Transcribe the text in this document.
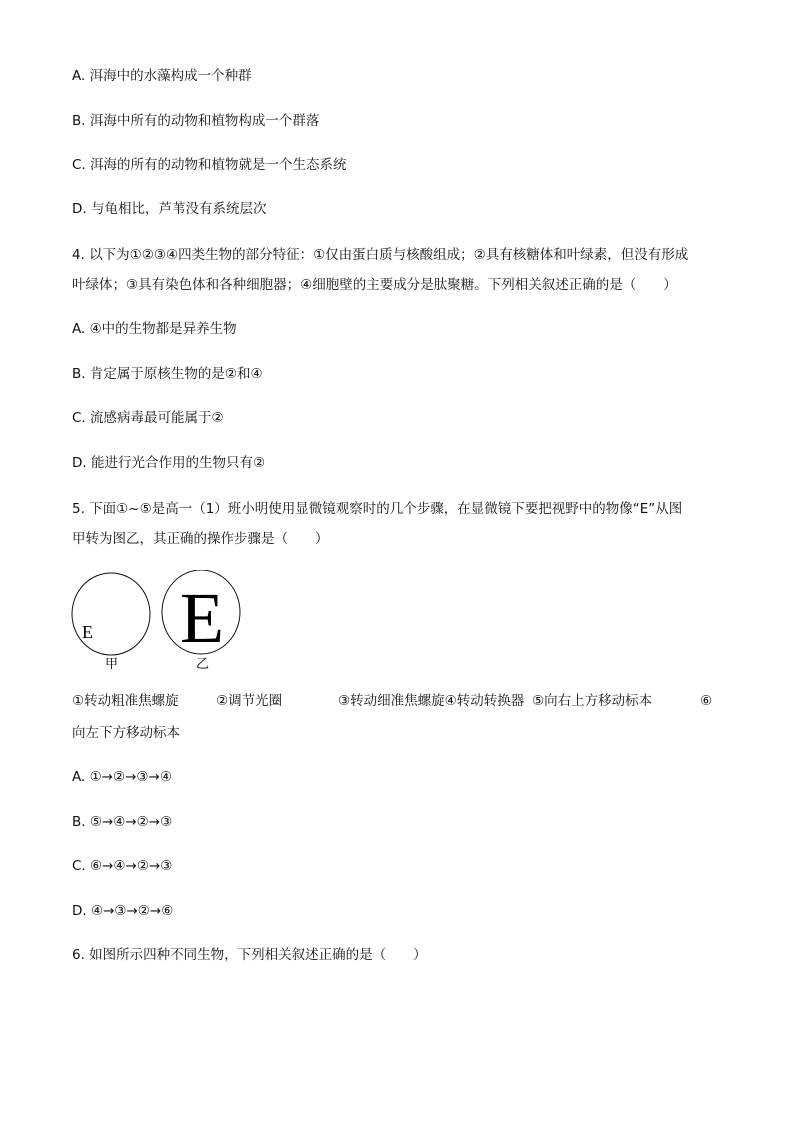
A. 洱海中的水藻构成一个种群
B. 洱海中所有的动物和植物构成一个群落
C. 洱海的所有的动物和植物就是一个生态系统
D. 与龟相比，芦苇没有系统层次
4. 以下为①②③④四类生物的部分特征：①仅由蛋白质与核酸组成；②具有核糖体和叶绿素，但没有形成
叶绿体；③具有染色体和各种细胞器；④细胞壁的主要成分是肽聚糖。下列相关叙述正确的是（　　）
A. ④中的生物都是异养生物
B. 肯定属于原核生物的是②和④
C. 流感病毒最可能属于②
D. 能进行光合作用的生物只有②
5. 下面①~⑤是高一（1）班小明使用显微镜观察时的几个步骤，在显微镜下要把视野中的物像“E”从图
甲转为图乙，其正确的操作步骤是（　　）
E E
甲	乙
①转动粗准焦螺旋	②调节光圈	③转动细准焦螺旋④转动转换器 ⑤向右上方移动标本	⑥
向左下方移动标本
A. ①→②→③→④
B. ⑤→④→②→③
C. ⑥→④→②→③
D. ④→③→②→⑥
6. 如图所示四种不同生物，下列相关叙述正确的是（　　）
